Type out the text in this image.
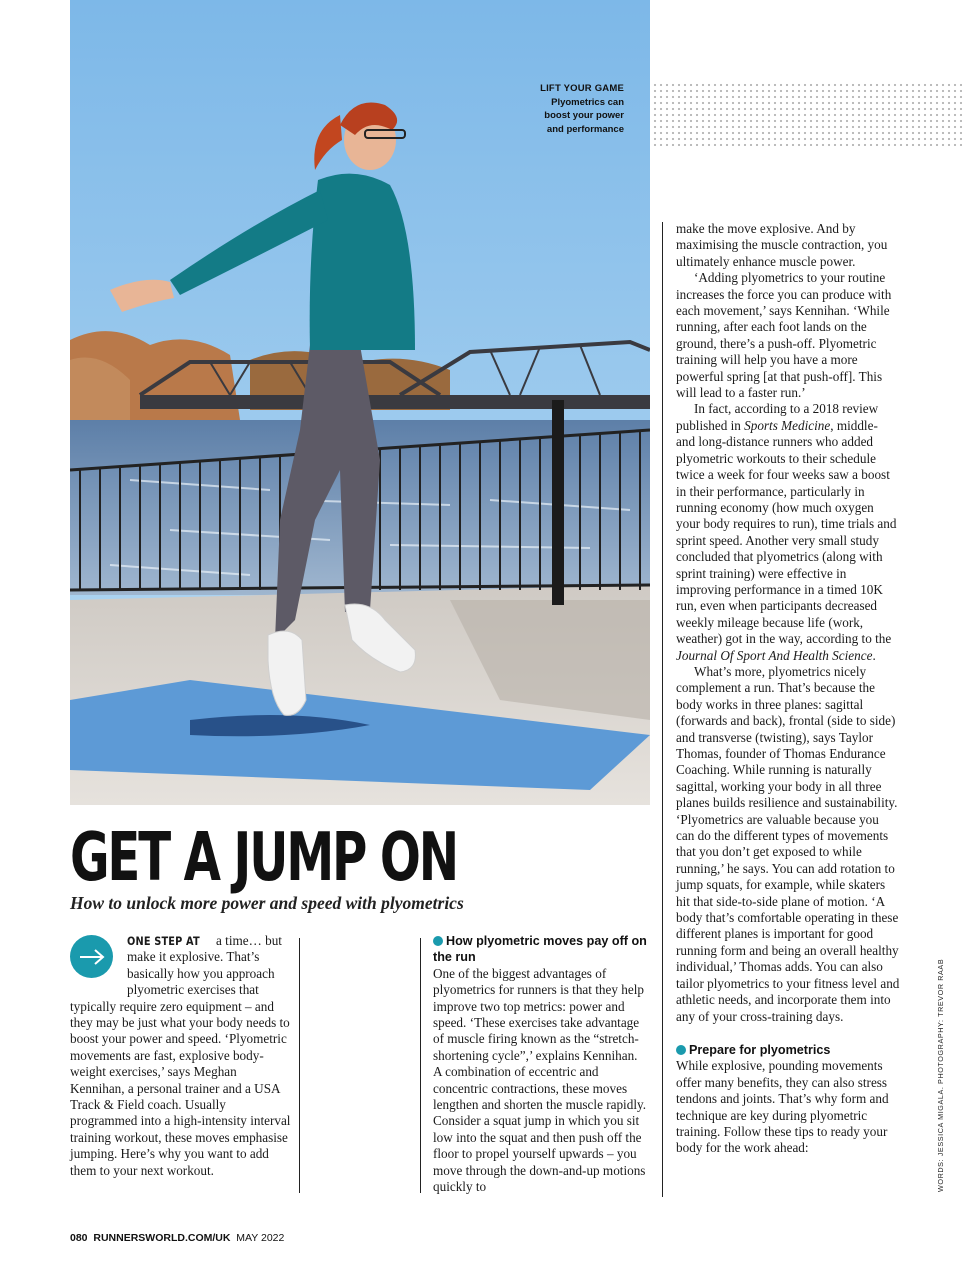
LIFT YOUR GAME
Plyometrics can
boost your power
and performance
GET A JUMP ON
How to unlock more power and speed with plyometrics

ONE STEP AT a time… but make it explosive. That’s basically how you approach plyometric exercises that typically require zero equipment – and they may be just what your body needs to boost your power and speed. ‘Plyometric movements are fast, explosive body-weight exercises,’ says Meghan Kennihan, a personal trainer and a USA Track & Field coach. Usually programmed into a high-intensity interval training workout, these moves emphasise jumping. Here’s why you want to add them to your next workout.

How plyometric moves pay off on the run

One of the biggest advantages of plyometrics for runners is that they help improve two top metrics: power and speed. ‘These exercises take advantage of muscle firing known as the “stretch-shortening cycle”,’ explains Kennihan. A combination of eccentric and concentric contractions, these moves lengthen and shorten the muscle rapidly. Consider a squat jump in which you sit low into the squat and then push off the floor to propel yourself upwards – you move through the down-and-up motions quickly to

make the move explosive. And by maximising the muscle contraction, you ultimately enhance muscle power.

‘Adding plyometrics to your routine increases the force you can produce with each movement,’ says Kennihan. ‘While running, after each foot lands on the ground, there’s a push-off. Plyometric training will help you have a more powerful spring [at that push-off]. This will lead to a faster run.’

In fact, according to a 2018 review published in Sports Medicine, middle- and long-distance runners who added plyometric workouts to their schedule twice a week for four weeks saw a boost in their performance, particularly in running economy (how much oxygen your body requires to run), time trials and sprint speed. Another very small study concluded that plyometrics (along with sprint training) were effective in improving performance in a timed 10K run, even when participants decreased weekly mileage because life (work, weather) got in the way, according to the Journal Of Sport And Health Science.

What’s more, plyometrics nicely complement a run. That’s because the body works in three planes: sagittal (forwards and back), frontal (side to side) and transverse (twisting), says Taylor Thomas, founder of Thomas Endurance Coaching. While running is naturally sagittal, working your body in all three planes builds resilience and sustainability. ‘Plyometrics are valuable because you can do the different types of movements that you don’t get exposed to while running,’ he says. You can add rotation to jump squats, for example, while skaters hit that side-to-side plane of motion. ‘A body that’s comfortable operating in these different planes is important for good running form and being an overall healthy individual,’ Thomas adds. You can also tailor plyometrics to your fitness level and athletic needs, and incorporate them into any of your cross-training days.

Prepare for plyometrics

While explosive, pounding movements offer many benefits, they can also stress tendons and joints. That’s why form and technique are key during plyometric training. Follow these tips to ready your body for the work ahead:

080 RUNNERSWORLD.COM/UK MAY 2022
WORDS: JESSICA MIGALA. PHOTOGRAPHY: TREVOR RAAB
